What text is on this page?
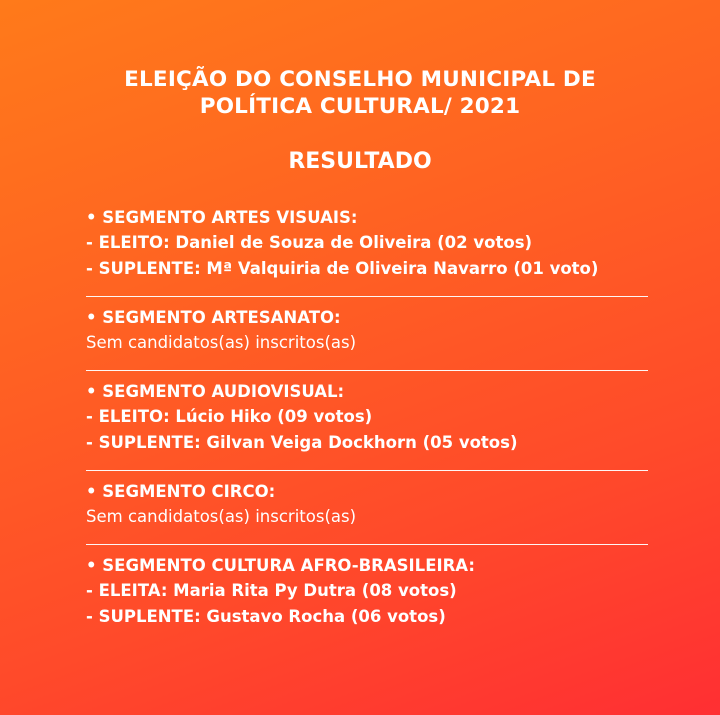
ELEIÇÃO DO CONSELHO MUNICIPAL DE
POLÍTICA CULTURAL/ 2021
RESULTADO
• SEGMENTO ARTES VISUAIS:
- ELEITO: Daniel de Souza de Oliveira (02 votos)
- SUPLENTE: Mª Valquiria de Oliveira Navarro (01 voto)
• SEGMENTO ARTESANATO:
Sem candidatos(as) inscritos(as)
• SEGMENTO AUDIOVISUAL:
- ELEITO: Lúcio Hiko (09 votos)
- SUPLENTE: Gilvan Veiga Dockhorn (05 votos)
• SEGMENTO CIRCO:
Sem candidatos(as) inscritos(as)
• SEGMENTO CULTURA AFRO-BRASILEIRA:
- ELEITA: Maria Rita Py Dutra (08 votos)
- SUPLENTE: Gustavo Rocha (06 votos)
